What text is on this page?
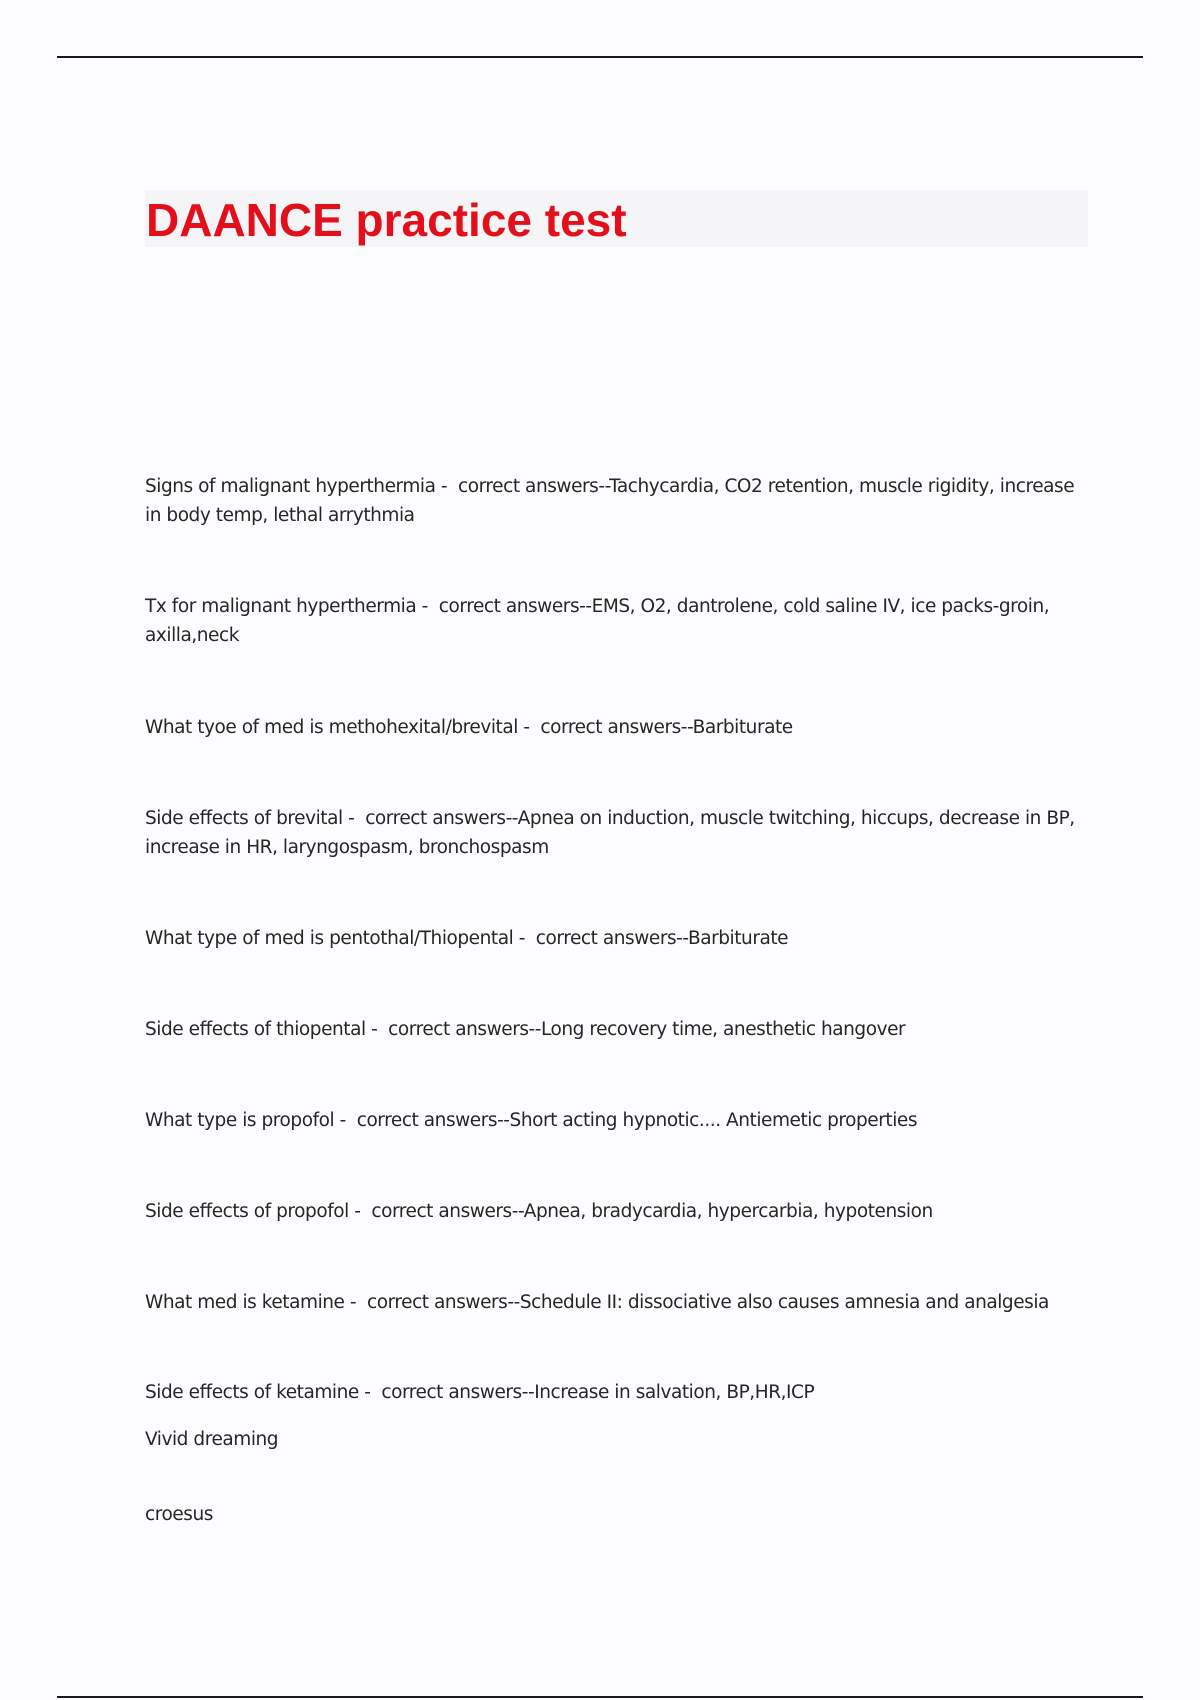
DAANCE practice test

Signs of malignant hyperthermia -  correct answers--Tachycardia, CO2 retention, muscle rigidity, increase in body temp, lethal arrythmia

Tx for malignant hyperthermia -  correct answers--EMS, O2, dantrolene, cold saline IV, ice packs-groin, axilla,neck

What tyoe of med is methohexital/brevital -  correct answers--Barbiturate

Side effects of brevital -  correct answers--Apnea on induction, muscle twitching, hiccups, decrease in BP, increase in HR, laryngospasm, bronchospasm

What type of med is pentothal/Thiopental -  correct answers--Barbiturate

Side effects of thiopental -  correct answers--Long recovery time, anesthetic hangover

What type is propofol -  correct answers--Short acting hypnotic.... Antiemetic properties

Side effects of propofol -  correct answers--Apnea, bradycardia, hypercarbia, hypotension

What med is ketamine -  correct answers--Schedule II: dissociative also causes amnesia and analgesia

Side effects of ketamine -  correct answers--Increase in salvation, BP,HR,ICP

Vivid dreaming

croesus
